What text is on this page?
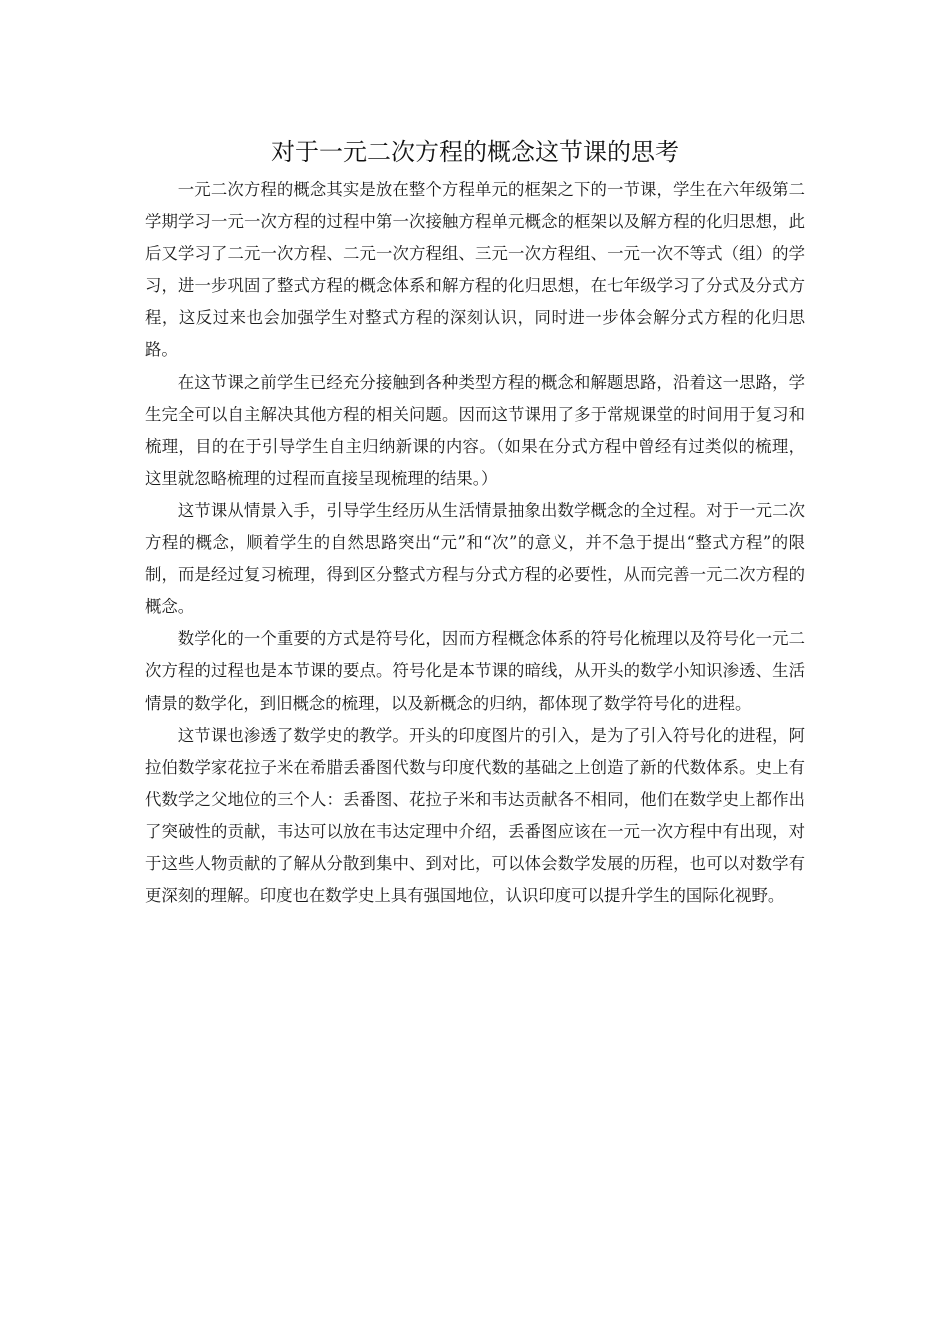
对于一元二次方程的概念这节课的思考

一元二次方程的概念其实是放在整个方程单元的框架之下的一节课，学生在六年级第二学期学习一元一次方程的过程中第一次接触方程单元概念的框架以及解方程的化归思想，此后又学习了二元一次方程、二元一次方程组、三元一次方程组、一元一次不等式（组）的学习，进一步巩固了整式方程的概念体系和解方程的化归思想，在七年级学习了分式及分式方程，这反过来也会加强学生对整式方程的深刻认识，同时进一步体会解分式方程的化归思路。

在这节课之前学生已经充分接触到各种类型方程的概念和解题思路，沿着这一思路，学生完全可以自主解决其他方程的相关问题。因而这节课用了多于常规课堂的时间用于复习和梳理，目的在于引导学生自主归纳新课的内容。（如果在分式方程中曾经有过类似的梳理，这里就忽略梳理的过程而直接呈现梳理的结果。）

这节课从情景入手，引导学生经历从生活情景抽象出数学概念的全过程。对于一元二次方程的概念，顺着学生的自然思路突出“元”和“次”的意义，并不急于提出“整式方程”的限制，而是经过复习梳理，得到区分整式方程与分式方程的必要性，从而完善一元二次方程的概念。

数学化的一个重要的方式是符号化，因而方程概念体系的符号化梳理以及符号化一元二次方程的过程也是本节课的要点。符号化是本节课的暗线，从开头的数学小知识渗透、生活情景的数学化，到旧概念的梳理，以及新概念的归纳，都体现了数学符号化的进程。

这节课也渗透了数学史的教学。开头的印度图片的引入，是为了引入符号化的进程，阿拉伯数学家花拉子米在希腊丢番图代数与印度代数的基础之上创造了新的代数体系。史上有代数学之父地位的三个人：丢番图、花拉子米和韦达贡献各不相同，他们在数学史上都作出了突破性的贡献，韦达可以放在韦达定理中介绍，丢番图应该在一元一次方程中有出现，对于这些人物贡献的了解从分散到集中、到对比，可以体会数学发展的历程，也可以对数学有更深刻的理解。印度也在数学史上具有强国地位，认识印度可以提升学生的国际化视野。
